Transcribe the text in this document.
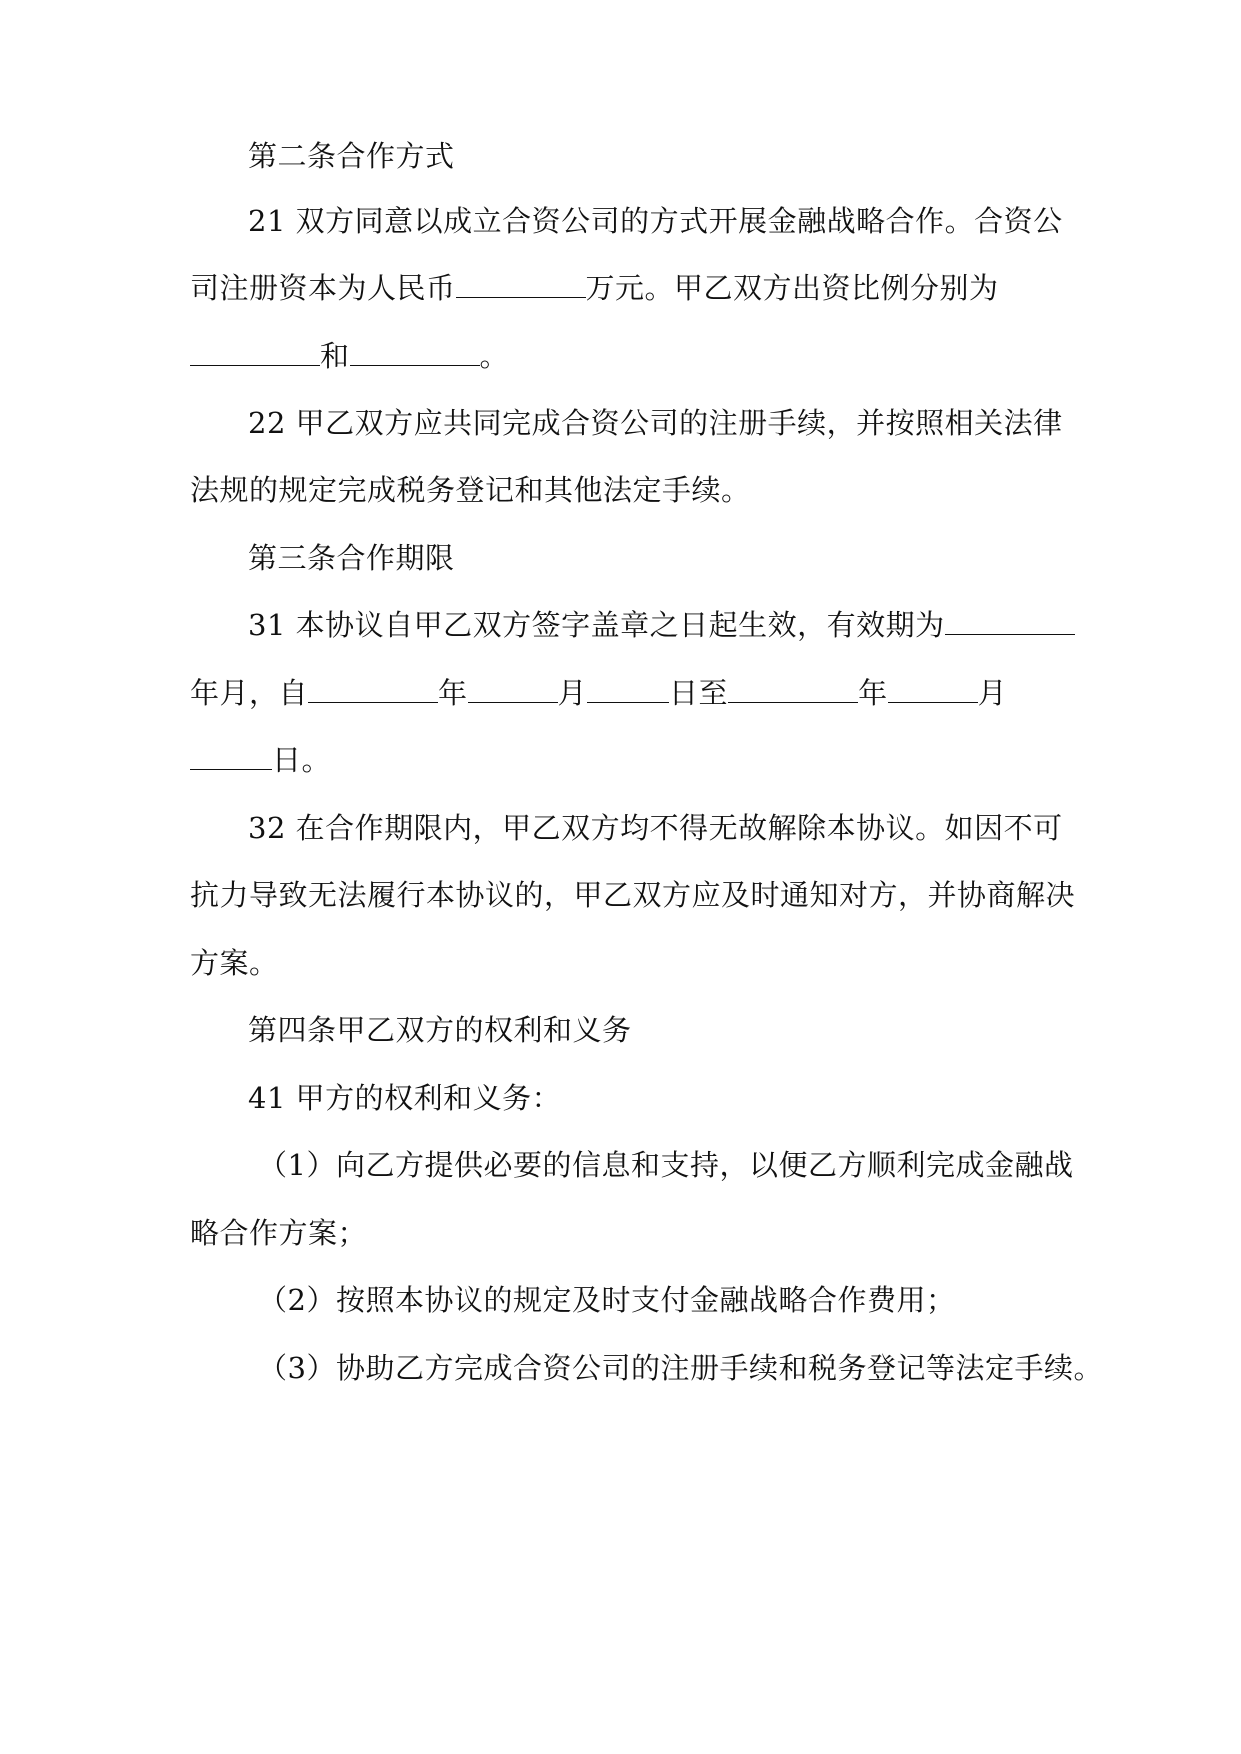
第二条合作方式
21 双方同意以成立合资公司的方式开展金融战略合作。合资公
司注册资本为人民币	万元。甲乙双方出资比例分别为
和	。
22 甲乙双方应共同完成合资公司的注册手续，并按照相关法律
法规的规定完成税务登记和其他法定手续。
第三条合作期限
31 本协议自甲乙双方签字盖章之日起生效，有效期为
年月，自	年	月	日至	年	月
日。
32 在合作期限内，甲乙双方均不得无故解除本协议。如因不可
抗力导致无法履行本协议的，甲乙双方应及时通知对方，并协商解决
方案。
第四条甲乙双方的权利和义务
41 甲方的权利和义务：
（1）向乙方提供必要的信息和支持，以便乙方顺利完成金融战
略合作方案；
（2）按照本协议的规定及时支付金融战略合作费用；
（3）协助乙方完成合资公司的注册手续和税务登记等法定手续。
